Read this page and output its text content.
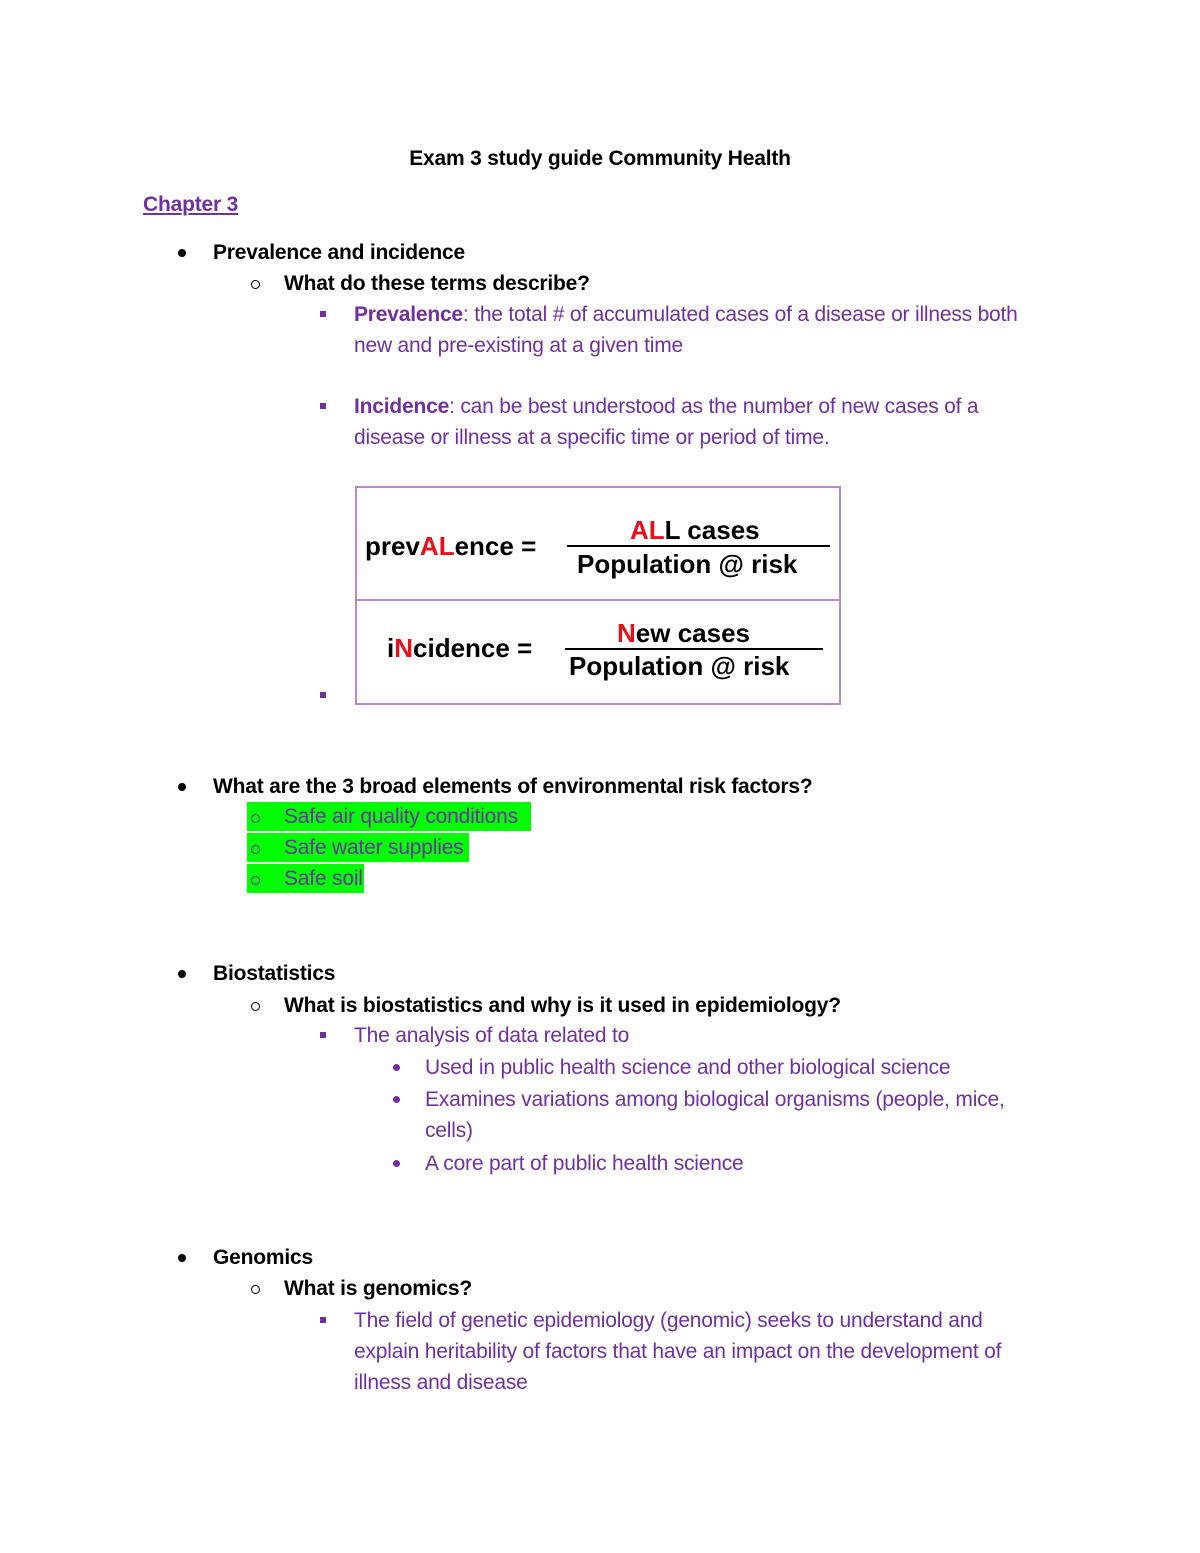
Exam 3 study guide Community Health
Chapter 3
Prevalence and incidence
What do these terms describe?
Prevalence: the total # of accumulated cases of a disease or illness both
new and pre-existing at a given time
Incidence: can be best understood as the number of new cases of a
disease or illness at a specific time or period of time.
prevALence =
ALL cases
Population @ risk
iNcidence =	New cases
Population @ risk
What are the 3 broad elements of environmental risk factors?
Safe air quality conditions
Safe water supplies
Safe soil
Biostatistics
What is biostatistics and why is it used in epidemiology?
The analysis of data related to
Used in public health science and other biological science
Examines variations among biological organisms (people, mice,
cells)
A core part of public health science
Genomics
What is genomics?
The field of genetic epidemiology (genomic) seeks to understand and
explain heritability of factors that have an impact on the development of
illness and disease
